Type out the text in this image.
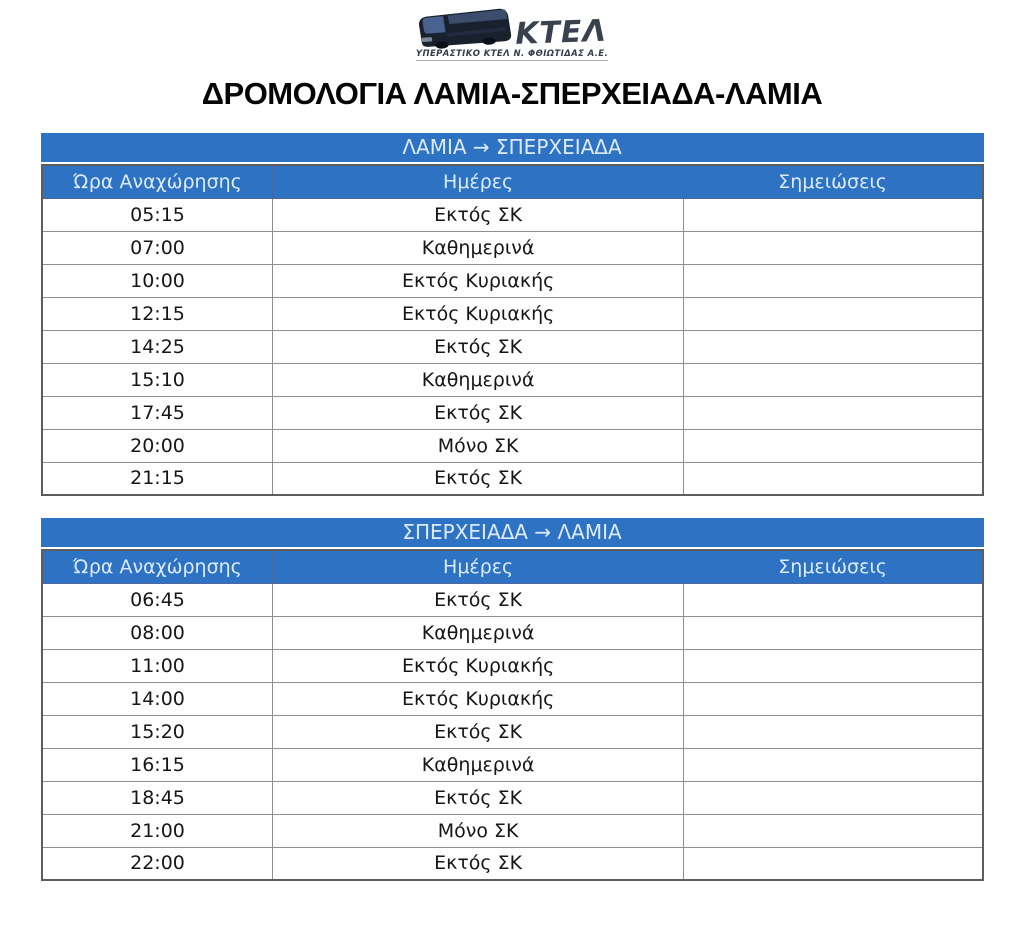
ΚΤΕΛ
ΥΠΕΡΑΣΤΙΚΟ ΚΤΕΛ Ν. ΦΘΙΩΤΙΔΑΣ Α.Ε.
ΔΡΟΜΟΛΟΓΙΑ ΛΑΜΙΑ-ΣΠΕΡΧΕΙΑΔΑ-ΛΑΜΙΑ
ΛΑΜΙΑ → ΣΠΕΡΧΕΙΑΔΑ
Ώρα Αναχώρησης	Ημέρες	Σημειώσεις
05:15	Εκτός ΣΚ	
07:00	Καθημερινά	
10:00	Εκτός Κυριακής	
12:15	Εκτός Κυριακής	
14:25	Εκτός ΣΚ	
15:10	Καθημερινά	
17:45	Εκτός ΣΚ	
20:00	Μόνο ΣΚ	
21:15	Εκτός ΣΚ	
ΣΠΕΡΧΕΙΑΔΑ → ΛΑΜΙΑ
Ώρα Αναχώρησης	Ημέρες	Σημειώσεις
06:45	Εκτός ΣΚ	
08:00	Καθημερινά	
11:00	Εκτός Κυριακής	
14:00	Εκτός Κυριακής	
15:20	Εκτός ΣΚ	
16:15	Καθημερινά	
18:45	Εκτός ΣΚ	
21:00	Μόνο ΣΚ	
22:00	Εκτός ΣΚ	
